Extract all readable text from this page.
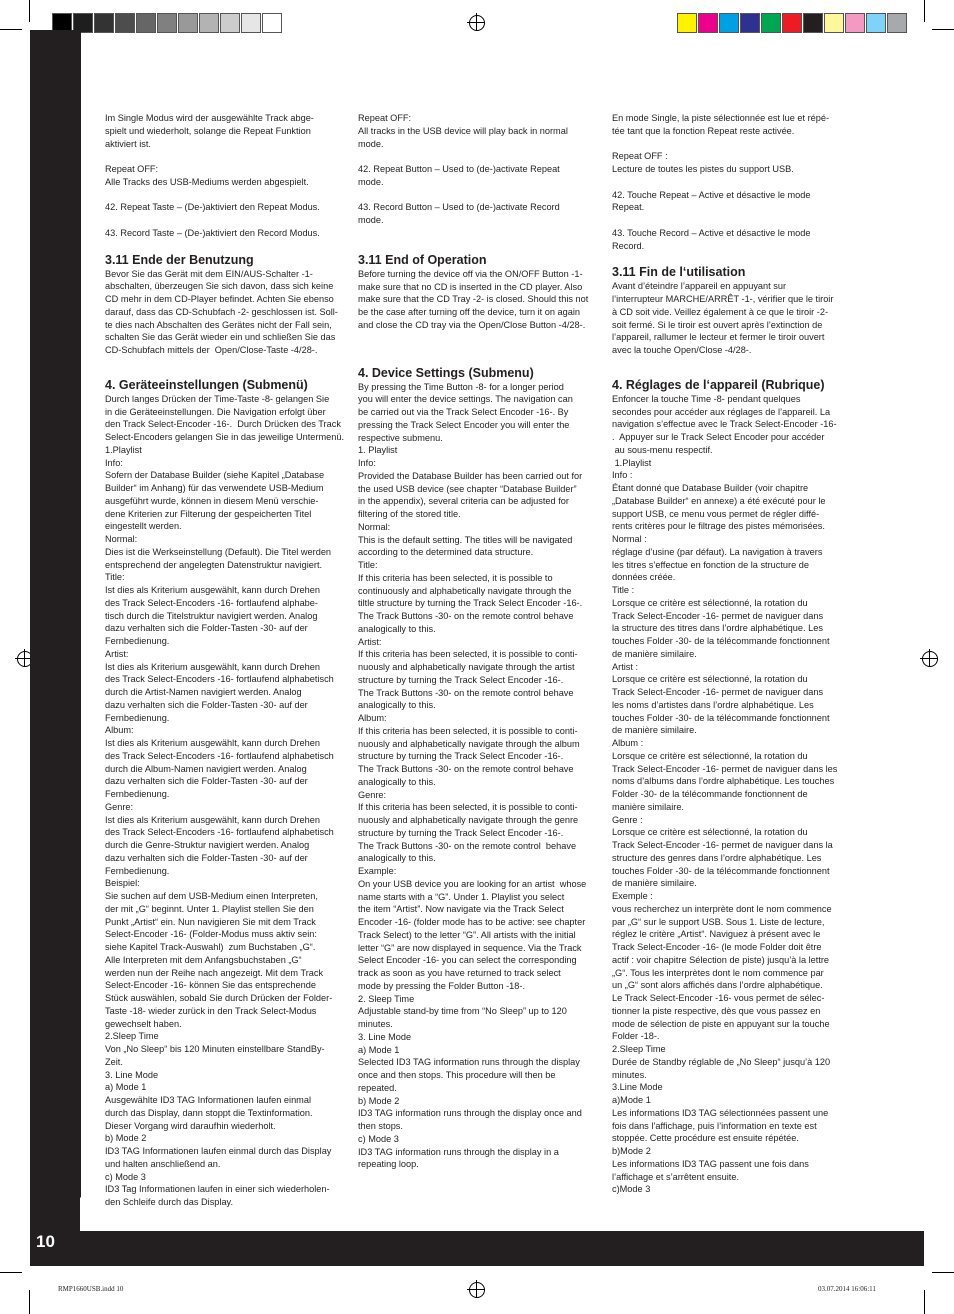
10
Im Single Modus wird der ausgewählte Track abge-
spielt und wiederholt, solange die Repeat Funktion
aktiviert ist.

Repeat OFF:
Alle Tracks des USB-Mediums werden abgespielt.

42. Repeat Taste – (De-)aktiviert den Repeat Modus.

43. Record Taste – (De-)aktiviert den Record Modus.
3.11 Ende der Benutzung
Bevor Sie das Gerät mit dem EIN/AUS-Schalter -1-
abschalten, überzeugen Sie sich davon, dass sich keine
CD mehr in dem CD-Player befindet. Achten Sie ebenso
darauf, dass das CD-Schubfach -2- geschlossen ist. Soll-
te dies nach Abschalten des Gerätes nicht der Fall sein,
schalten Sie das Gerät wieder ein und schließen Sie das
CD-Schubfach mittels der  Open/Close-Taste -4/28-.
4. Geräteeinstellungen (Submenü)
Durch langes Drücken der Time-Taste -8- gelangen Sie
in die Geräteeinstellungen. Die Navigation erfolgt über
den Track Select-Encoder -16-.  Durch Drücken des Track
Select-Encoders gelangen Sie in das jeweilige Untermenü.
1.Playlist
Info:
Sofern der Database Builder (siehe Kapitel „Database
Builder“ im Anhang) für das verwendete USB-Medium
ausgeführt wurde, können in diesem Menü verschie-
dene Kriterien zur Filterung der gespeicherten Titel
eingestellt werden.
Normal:
Dies ist die Werkseinstellung (Default). Die Titel werden
entsprechend der angelegten Datenstruktur navigiert.
Title:
Ist dies als Kriterium ausgewählt, kann durch Drehen
des Track Select-Encoders -16- fortlaufend alphabe-
tisch durch die Titelstruktur navigiert werden. Analog
dazu verhalten sich die Folder-Tasten -30- auf der
Fernbedienung.
Artist:
Ist dies als Kriterium ausgewählt, kann durch Drehen
des Track Select-Encoders -16- fortlaufend alphabetisch
durch die Artist-Namen navigiert werden. Analog
dazu verhalten sich die Folder-Tasten -30- auf der
Fernbedienung.
Album:
Ist dies als Kriterium ausgewählt, kann durch Drehen
des Track Select-Encoders -16- fortlaufend alphabetisch
durch die Album-Namen navigiert werden. Analog
dazu verhalten sich die Folder-Tasten -30- auf der
Fernbedienung.
Genre:
Ist dies als Kriterium ausgewählt, kann durch Drehen
des Track Select-Encoders -16- fortlaufend alphabetisch
durch die Genre-Struktur navigiert werden. Analog
dazu verhalten sich die Folder-Tasten -30- auf der
Fernbedienung.
Beispiel:
Sie suchen auf dem USB-Medium einen Interpreten,
der mit „G“ beginnt. Unter 1. Playlist stellen Sie den
Punkt „Artist“ ein. Nun navigieren Sie mit dem Track
Select-Encoder -16- (Folder-Modus muss aktiv sein:
siehe Kapitel Track-Auswahl)  zum Buchstaben „G“.
Alle Interpreten mit dem Anfangsbuchstaben „G“
werden nun der Reihe nach angezeigt. Mit dem Track
Select-Encoder -16- können Sie das entsprechende
Stück auswählen, sobald Sie durch Drücken der Folder-
Taste -18- wieder zurück in den Track Select-Modus
gewechselt haben.
2.Sleep Time
Von „No Sleep“ bis 120 Minuten einstellbare StandBy-
Zeit.
3. Line Mode
a) Mode 1
Ausgewählte ID3 TAG Informationen laufen einmal
durch das Display, dann stoppt die Textinformation.
Dieser Vorgang wird daraufhin wiederholt.
b) Mode 2
ID3 TAG Informationen laufen einmal durch das Display
und halten anschließend an.
c) Mode 3
ID3 Tag Informationen laufen in einer sich wiederholen-
den Schleife durch das Display.
Repeat OFF:
All tracks in the USB device will play back in normal
mode.

42. Repeat Button – Used to (de-)activate Repeat
mode.

43. Record Button – Used to (de-)activate Record
mode.
3.11 End of Operation
Before turning the device off via the ON/OFF Button -1-
make sure that no CD is inserted in the CD player. Also
make sure that the CD Tray -2- is closed. Should this not
be the case after turning off the device, turn it on again
and close the CD tray via the Open/Close Button -4/28-.
4. Device Settings (Submenu)
By pressing the Time Button -8- for a longer period
you will enter the device settings. The navigation can
be carried out via the Track Select Encoder -16-. By
pressing the Track Select Encoder you will enter the
respective submenu.
1. Playlist
Info:
Provided the Database Builder has been carried out for
the used USB device (see chapter “Database Builder”
in the appendix), several criteria can be adjusted for
filtering of the stored title.
Normal:
This is the default setting. The titles will be navigated
according to the determined data structure.
Title:
If this criteria has been selected, it is possible to
continuously and alphabetically navigate through the
tiltle structure by turning the Track Select Encoder -16-.
The Track Buttons -30- on the remote control behave
analogically to this.
Artist:
If this criteria has been selected, it is possible to conti-
nuously and alphabetically navigate through the artist
structure by turning the Track Select Encoder -16-.
The Track Buttons -30- on the remote control behave
analogically to this.
Album:
If this criteria has been selected, it is possible to conti-
nuously and alphabetically navigate through the album
structure by turning the Track Select Encoder -16-.
The Track Buttons -30- on the remote control behave
analogically to this.
Genre:
If this criteria has been selected, it is possible to conti-
nuously and alphabetically navigate through the genre
structure by turning the Track Select Encoder -16-.
The Track Buttons -30- on the remote control  behave
analogically to this.
Example:
On your USB device you are looking for an artist  whose
name starts with a “G”. Under 1. Playlist you select
the item “Artist”. Now navigate via the Track Select
Encoder -16- (folder mode has to be active: see chapter
Track Select) to the letter “G”. All artists with the initial
letter “G” are now displayed in sequence. Via the Track
Select Encoder -16- you can select the corresponding
track as soon as you have returned to track select
mode by pressing the Folder Button -18-.
2. Sleep Time
Adjustable stand-by time from “No Sleep” up to 120
minutes.
3. Line Mode
a) Mode 1
Selected ID3 TAG information runs through the display
once and then stops. This procedure will then be
repeated.
b) Mode 2
ID3 TAG information runs through the display once and
then stops.
c) Mode 3
ID3 TAG information runs through the display in a
repeating loop.
En mode Single, la piste sélectionnée est lue et répé-
tée tant que la fonction Repeat reste activée.

Repeat OFF :
Lecture de toutes les pistes du support USB.

42. Touche Repeat – Active et désactive le mode
Repeat.

43. Touche Record – Active et désactive le mode
Record.
3.11 Fin de l‘utilisation
Avant d’éteindre l’appareil en appuyant sur
l’interrupteur MARCHE/ARRÊT -1-, vérifier que le tiroir
à CD soit vide. Veillez également à ce que le tiroir -2-
soit fermé. Si le tiroir est ouvert après l’extinction de
l’appareil, rallumer le lecteur et fermer le tiroir ouvert
avec la touche Open/Close -4/28-.
4. Réglages de l‘appareil (Rubrique)
Enfoncer la touche Time -8- pendant quelques
secondes pour accéder aux réglages de l’appareil. La
navigation s’effectue avec le Track Select-Encoder -16-
.  Appuyer sur le Track Select Encoder pour accéder
au sous-menu respectif.
1.Playlist
Info :
Étant donné que Database Builder (voir chapitre
„Database Builder“ en annexe) a été exécuté pour le
support USB, ce menu vous permet de régler diffé-
rents critères pour le filtrage des pistes mémorisées.
Normal :
réglage d’usine (par défaut). La navigation à travers
les titres s’effectue en fonction de la structure de
données créée.
Title :
Lorsque ce critère est sélectionné, la rotation du
Track Select-Encoder -16- permet de naviguer dans
la structure des titres dans l’ordre alphabétique. Les
touches Folder -30- de la télécommande fonctionnent
de manière similaire.
Artist :
Lorsque ce critère est sélectionné, la rotation du
Track Select-Encoder -16- permet de naviguer dans
les noms d’artistes dans l’ordre alphabétique. Les
touches Folder -30- de la télécommande fonctionnent
de manière similaire.
Album :
Lorsque ce critère est sélectionné, la rotation du
Track Select-Encoder -16- permet de naviguer dans les
noms d’albums dans l’ordre alphabétique. Les touches
Folder -30- de la télécommande fonctionnent de
manière similaire.
Genre :
Lorsque ce critère est sélectionné, la rotation du
Track Select-Encoder -16- permet de naviguer dans la
structure des genres dans l’ordre alphabétique. Les
touches Folder -30- de la télécommande fonctionnent
de manière similaire.
Exemple :
vous recherchez un interprète dont le nom commence
par „G“ sur le support USB. Sous 1. Liste de lecture,
réglez le critère „Artist“. Naviguez à présent avec le
Track Select-Encoder -16- (le mode Folder doit être
actif : voir chapitre Sélection de piste) jusqu’à la lettre
„G“. Tous les interprètes dont le nom commence par
un „G“ sont alors affichés dans l’ordre alphabétique.
Le Track Select-Encoder -16- vous permet de sélec-
tionner la piste respective, dès que vous passez en
mode de sélection de piste en appuyant sur la touche
Folder -18-.
2.Sleep Time
Durée de Standby réglable de „No Sleep“ jusqu’à 120
minutes.
3.Line Mode
a)Mode 1
Les informations ID3 TAG sélectionnées passent une
fois dans l’affichage, puis l’information en texte est
stoppée. Cette procédure est ensuite répétée.
b)Mode 2
Les informations ID3 TAG passent une fois dans
l’affichage et s’arrêtent ensuite.
c)Mode 3
RMP1660USB.indd 10	03.07.2014 16:06:11
